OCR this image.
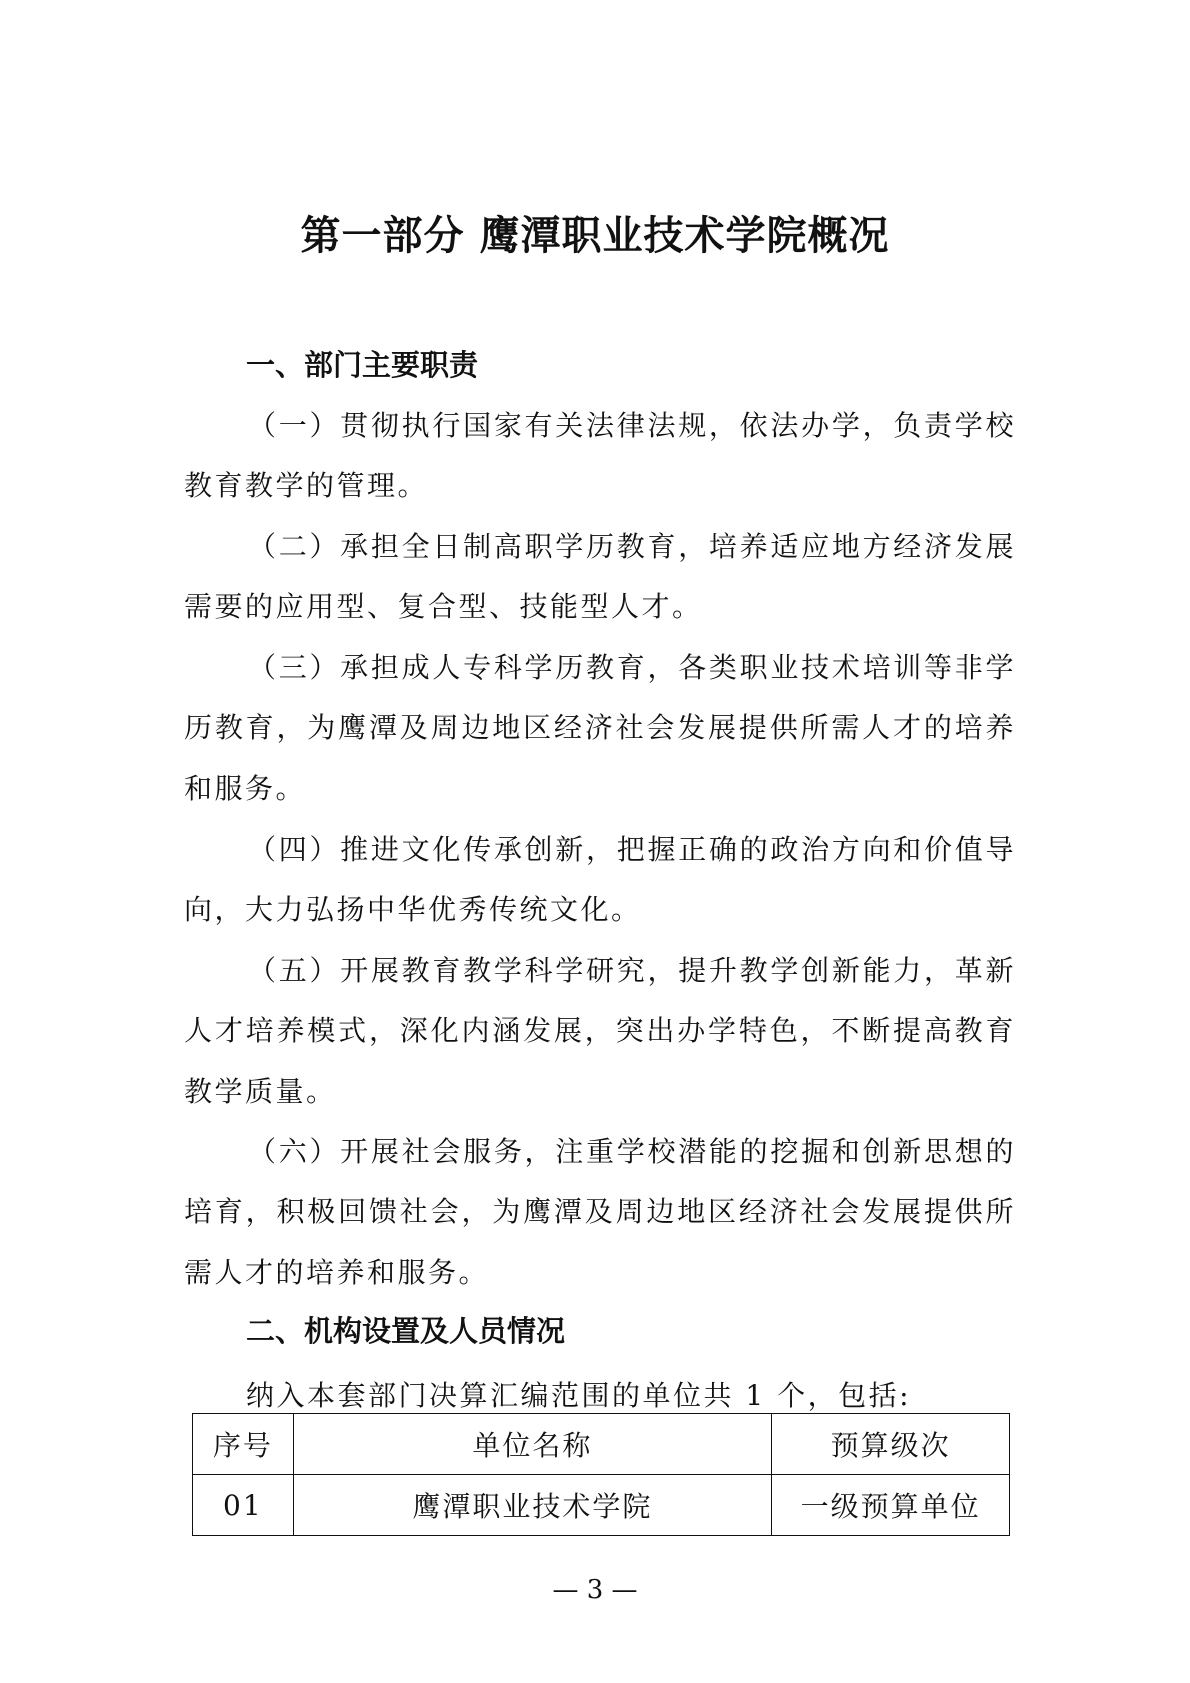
第一部分 鹰潭职业技术学院概况
一、部门主要职责

（一）贯彻执行国家有关法律法规，依法办学，负责学校教育教学的管理。

（二）承担全日制高职学历教育，培养适应地方经济发展需要的应用型、复合型、技能型人才。

（三）承担成人专科学历教育，各类职业技术培训等非学历教育，为鹰潭及周边地区经济社会发展提供所需人才的培养和服务。

（四）推进文化传承创新，把握正确的政治方向和价值导向，大力弘扬中华优秀传统文化。

（五）开展教育教学科学研究，提升教学创新能力，革新人才培养模式，深化内涵发展，突出办学特色，不断提高教育教学质量。

（六）开展社会服务，注重学校潜能的挖掘和创新思想的培育，积极回馈社会，为鹰潭及周边地区经济社会发展提供所需人才的培养和服务。

二、机构设置及人员情况

纳入本套部门决算汇编范围的单位共 1 个，包括:

序号	单位名称	预算级次
01	鹰潭职业技术学院	一级预算单位

— 3 —
